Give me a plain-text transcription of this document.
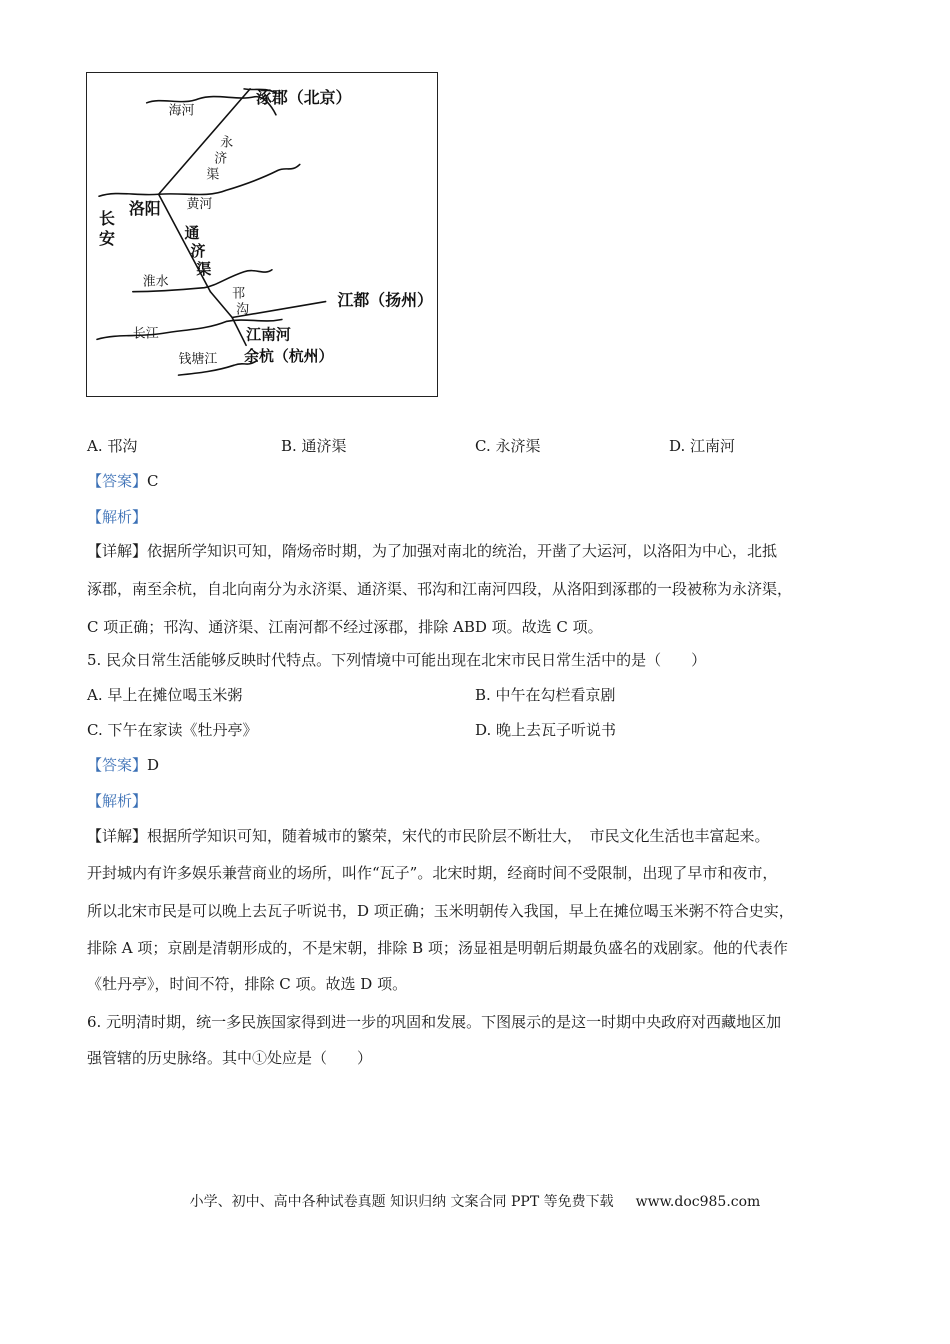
海河
涿郡（北京）
永
济
渠
洛阳 黄河
长
安	通
济
渠
淮水
邗
沟
江都（扬州）
长江	江南河
钱塘江 余杭（杭州）
A. 邗沟	B. 通济渠	C. 永济渠	D. 江南河
【答案】C
【解析】
【详解】依据所学知识可知，隋炀帝时期，为了加强对南北的统治，开凿了大运河，以洛阳为中心，北抵
涿郡，南至余杭，自北向南分为永济渠、通济渠、邗沟和江南河四段，从洛阳到涿郡的一段被称为永济渠，
C 项正确；邗沟、通济渠、江南河都不经过涿郡，排除 ABD 项。故选 C 项。
5. 民众日常生活能够反映时代特点。下列情境中可能出现在北宋市民日常生活中的是（　　）
A. 早上在摊位喝玉米粥	B. 中午在勾栏看京剧
C. 下午在家读《牡丹亭》	D. 晚上去瓦子听说书
【答案】D
【解析】
【详解】根据所学知识可知，随着城市的繁荣，宋代的市民阶层不断壮大，　市民文化生活也丰富起来。
开封城内有许多娱乐兼营商业的场所，叫作“瓦子”。北宋时期，经商时间不受限制，出现了早市和夜市，
所以北宋市民是可以晚上去瓦子听说书，D 项正确；玉米明朝传入我国，早上在摊位喝玉米粥不符合史实，
排除 A 项；京剧是清朝形成的，不是宋朝，排除 B 项；汤显祖是明朝后期最负盛名的戏剧家。他的代表作
《牡丹亭》，时间不符，排除 C 项。故选 D 项。
6. 元明清时期，统一多民族国家得到进一步的巩固和发展。下图展示的是这一时期中央政府对西藏地区加
强管辖的历史脉络。其中①处应是（　　）
小学、初中、高中各种试卷真题 知识归纳 文案合同 PPT 等免费下载 www.doc985.com
